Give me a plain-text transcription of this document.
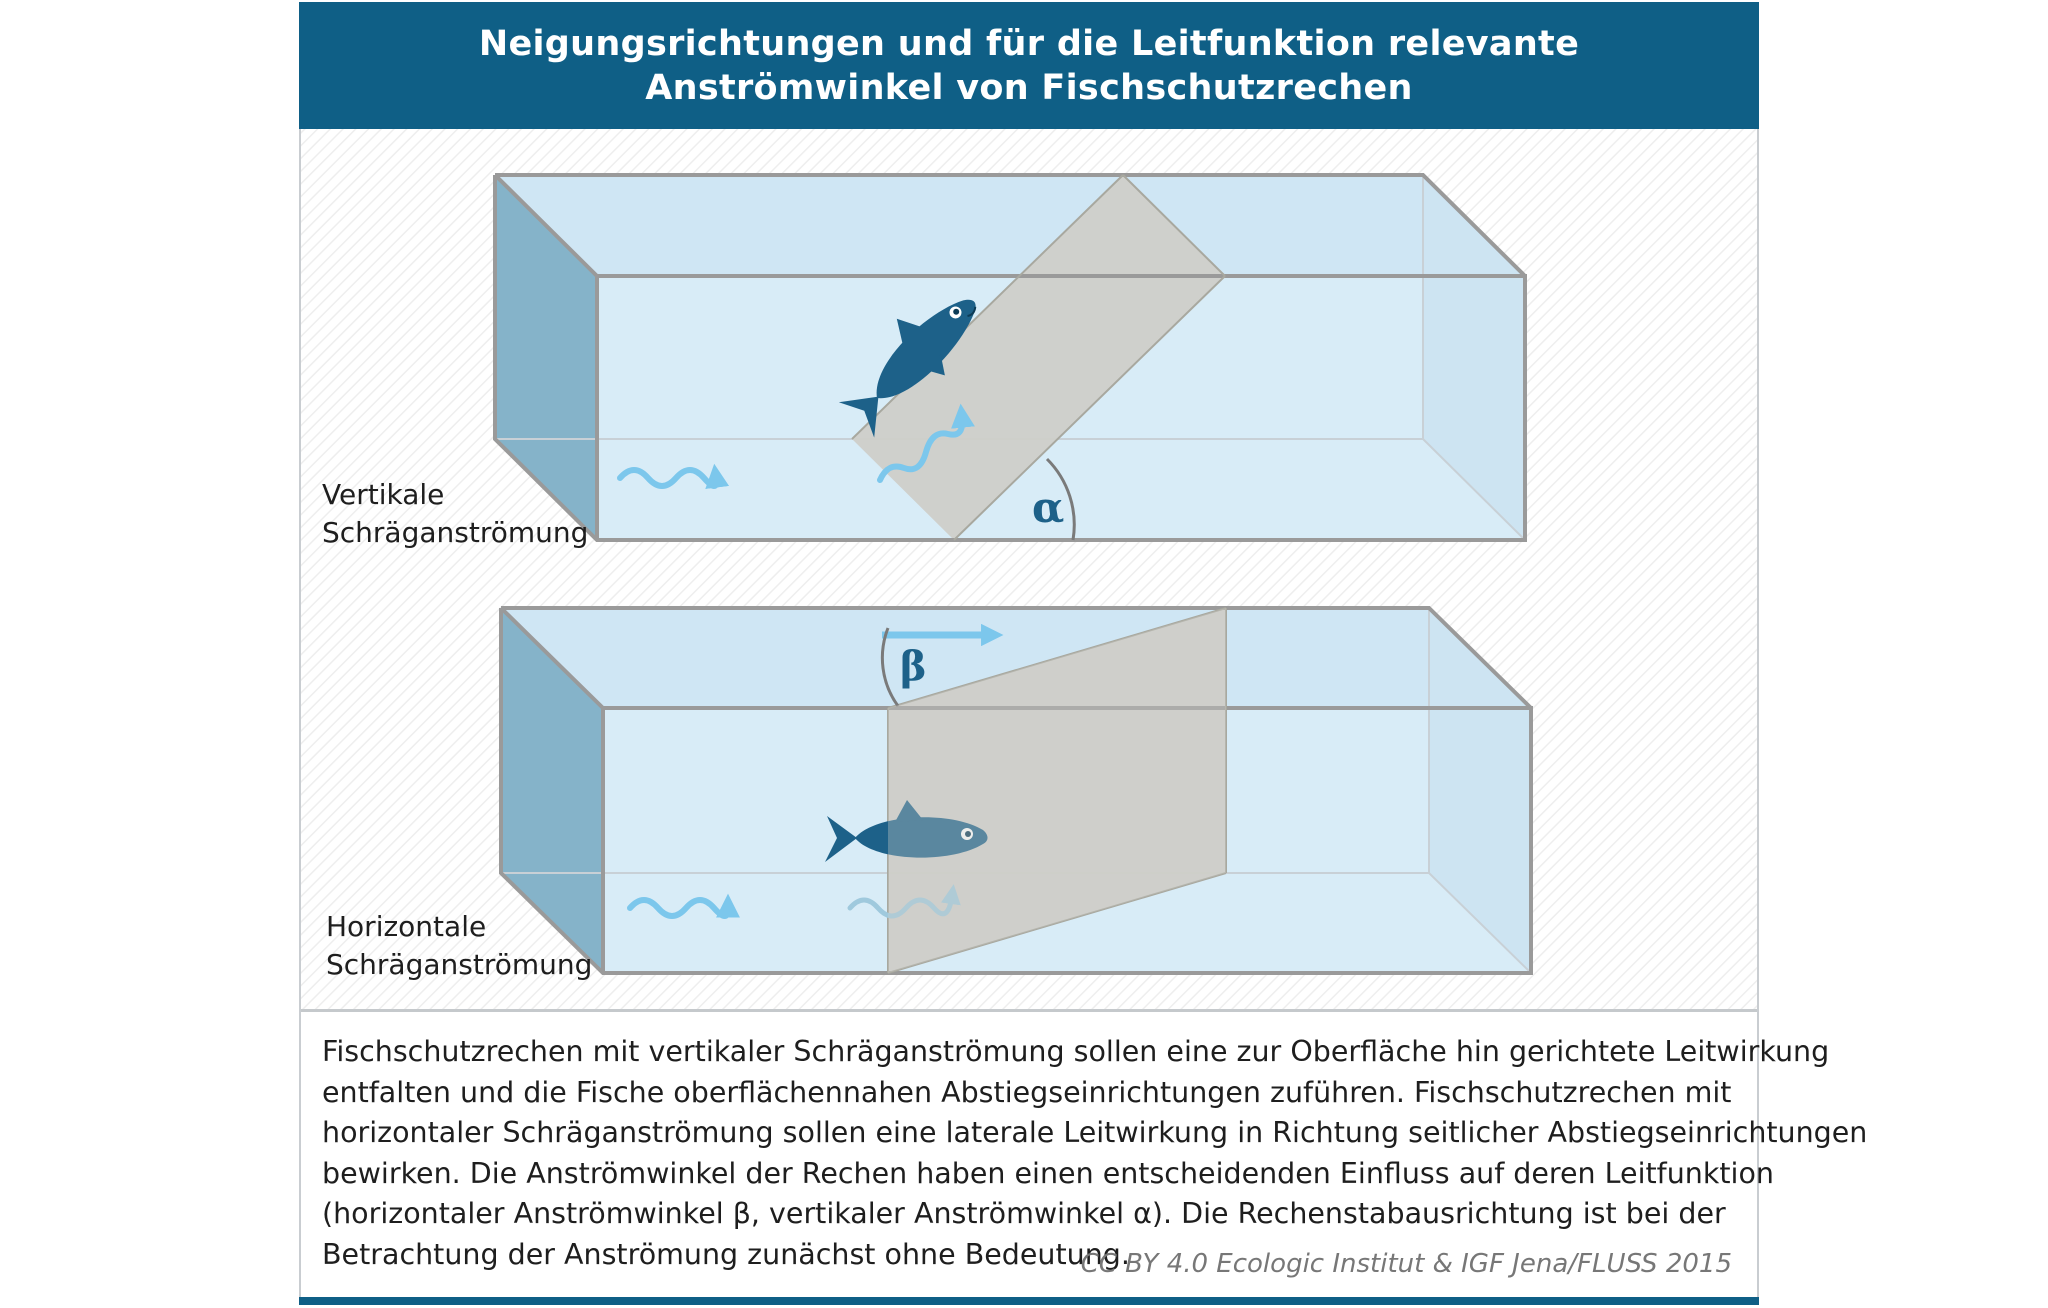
Neigungsrichtungen und für die Leitfunktion relevante
Anströmwinkel von Fischschutzrechen
α
β
Vertikale
Schräganströmung
Horizontale
Schräganströmung
Fischschutzrechen mit vertikaler Schräganströmung sollen eine zur Oberfläche hin gerichtete Leitwirkung
entfalten und die Fische oberflächennahen Abstiegseinrichtungen zuführen. Fischschutzrechen mit
horizontaler Schräganströmung sollen eine laterale Leitwirkung in Richtung seitlicher Abstiegseinrichtungen
bewirken. Die Anströmwinkel der Rechen haben einen entscheidenden Einfluss auf deren Leitfunktion
(horizontaler Anströmwinkel β, vertikaler Anströmwinkel α). Die Rechenstabausrichtung ist bei der
Betrachtung der Anströmung zunächst ohne Bedeutung.
CC BY 4.0 Ecologic Institut & IGF Jena/FLUSS 2015
